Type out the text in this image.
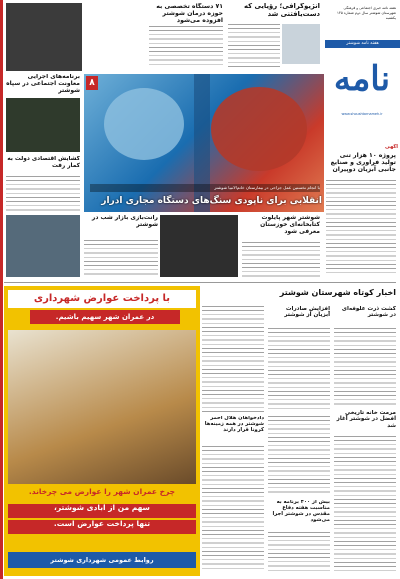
هفته نامه خبری اجتماعی و فرهنگی شهرستان شوشتر سال دوم شماره ۱۳۵ یکشنبه
هفته نامه شوشتر
نامه
www.shoushtarnameh.ir
آگهی
پروژه ۱۰ هزار تنی تولید فراوری و صنایع جانبی آبزیان دوپیران
آنژیوگرافی؛ رؤیایی که دست‌یافتنی شد
۷۱ دستگاه تخصصی به حوزه درمان شوشتر افزوده می‌شود
۸
با انجام نخستین عمل جراحی در بیمارستان خاتم‌الانبیا شوشتر
انقلابی برای ناپودی سنگ‌های دستگاه مجاری ادرار
برنامه‌های اجرایی معاونت اجتماعی در سپاه شوشتر
گشایش اقتصادی دولت به کمار رفت
شوشتر شهر پایلوت کتابخانه‌ای خوزستان معرفی شود
رانت‌بازی بازار شب در شوشتر
اخبار کوتاه شهرستان شوشتر
کشت ذرت علوفه‌ای در شوشتر
افزایش صادرات آبزیان از شوشتر
مرمت خانه تاریخی افضل در شوشتر آغاز شد
دادخواهان هلال احمر شوشتر در همه زمینه‌ها کرونا قرار دارند
بیش از ۴۰۰ برنامه به مناسبت هفته دفاع مقدس در شوشتر اجرا می‌شود
با پرداخت عوارض شهرداری
در عمران شهر سهیم باشیم.
چرخ عمران شهر را عوارض می‌ چرخاند.
سهم من از آبادی شوشتر،
تنها پرداخت عوارض است.
روابط عمومی شهرداری شوشتر
